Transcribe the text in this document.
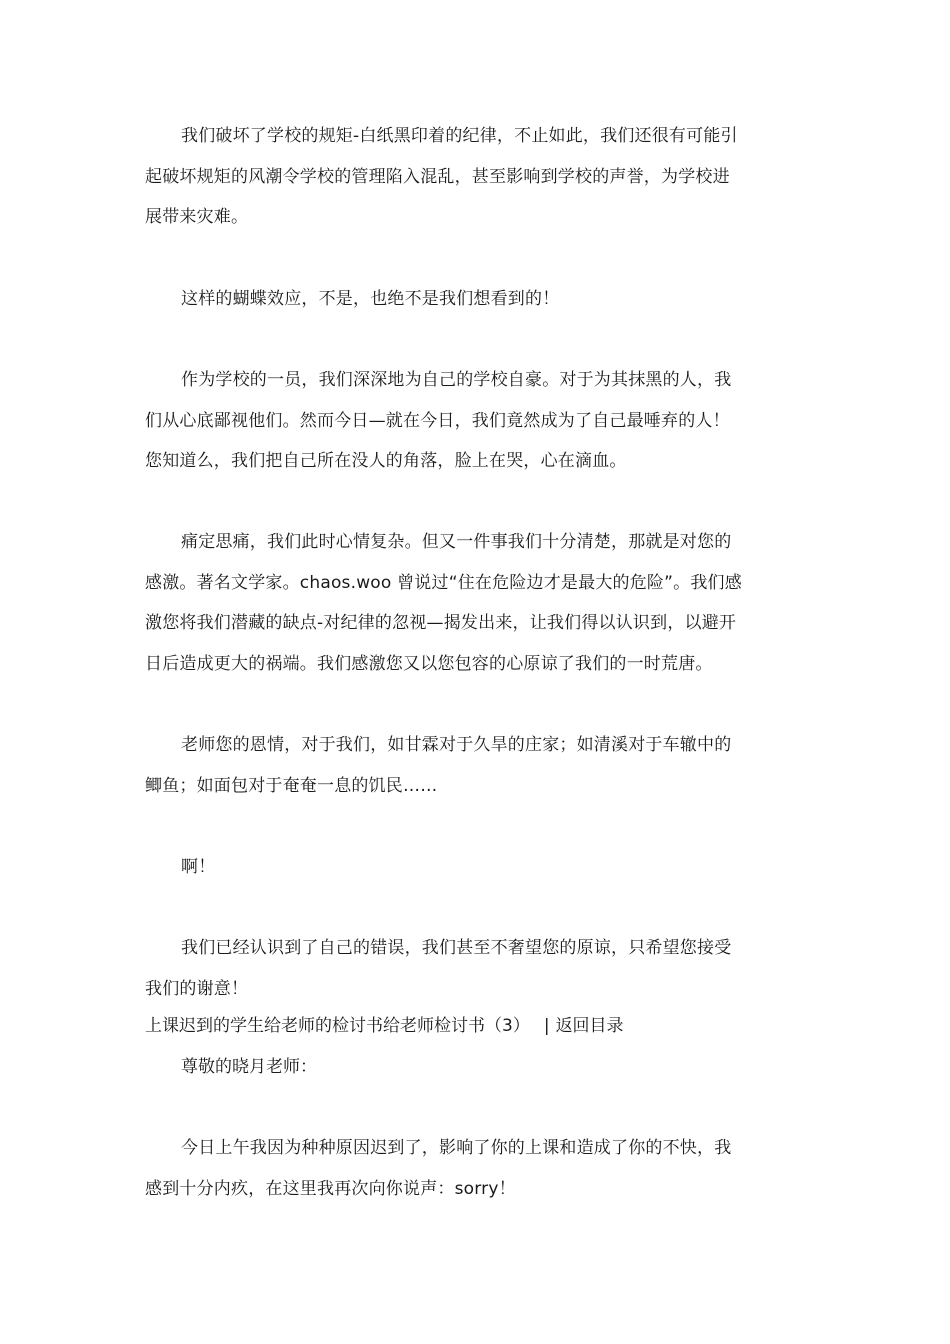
我们破坏了学校的规矩-白纸黑印着的纪律，不止如此，我们还很有可能引
起破坏规矩的风潮令学校的管理陷入混乱，甚至影响到学校的声誉，为学校进
展带来灾难。
这样的蝴蝶效应，不是，也绝不是我们想看到的！
作为学校的一员，我们深深地为自己的学校自豪。对于为其抹黑的人，我
们从心底鄙视他们。然而今日—就在今日，我们竟然成为了自己最唾弃的人！
您知道么，我们把自己所在没人的角落，脸上在哭，心在滴血。
痛定思痛，我们此时心情复杂。但又一件事我们十分清楚，那就是对您的
感激。著名文学家。chaos.woo 曾说过“住在危险边才是最大的危险”。我们感
激您将我们潜藏的缺点-对纪律的忽视—揭发出来，让我们得以认识到，以避开
日后造成更大的祸端。我们感激您又以您包容的心原谅了我们的一时荒唐。
老师您的恩情，对于我们，如甘霖对于久旱的庄家；如清溪对于车辙中的
鲫鱼；如面包对于奄奄一息的饥民……
啊！
我们已经认识到了自己的错误，我们甚至不奢望您的原谅，只希望您接受
我们的谢意！
上课迟到的学生给老师的检讨书给老师检讨书（3） | 返回目录
尊敬的晓月老师：
今日上午我因为种种原因迟到了，影响了你的上课和造成了你的不快，我
感到十分内疚，在这里我再次向你说声：sorry！
